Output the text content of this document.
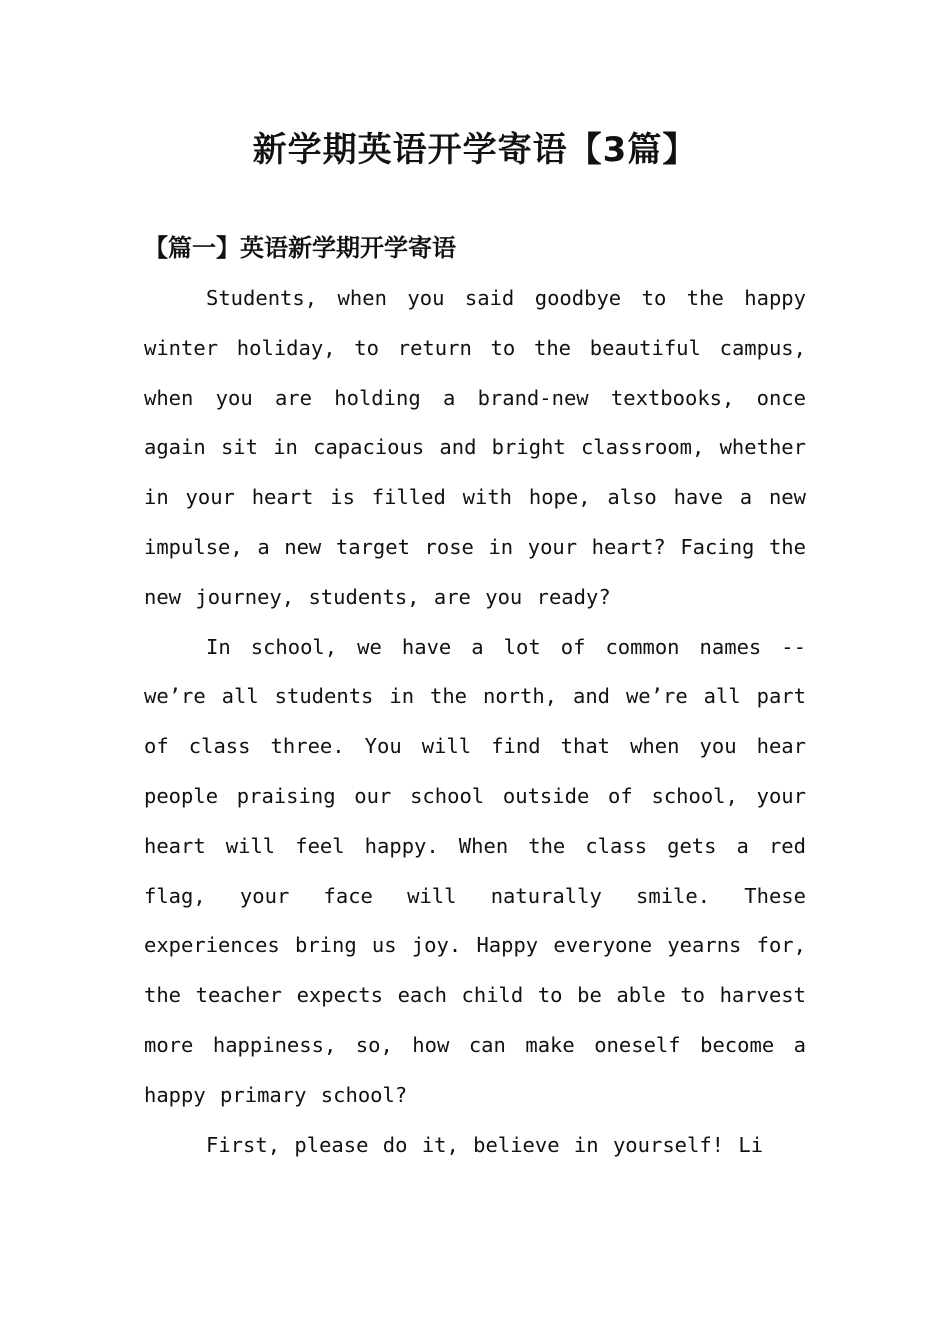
新学期英语开学寄语【3篇】
【篇一】英语新学期开学寄语

Students, when you said goodbye to the happy winter holiday, to return to the beautiful campus, when you are holding a brand-new textbooks, once again sit in capacious and bright classroom, whether in your heart is filled with hope, also have a new impulse, a new target rose in your heart? Facing the new journey, students, are you ready?

In school, we have a lot of common names -- we’re all students in the north, and we’re all part of class three. You will find that when you hear people praising our school outside of school, your heart will feel happy. When the class gets a red flag, your face will naturally smile. These experiences bring us joy. Happy everyone yearns for, the teacher expects each child to be able to harvest more happiness, so, how can make oneself become a happy primary school?

First, please do it, believe in yourself! Li
